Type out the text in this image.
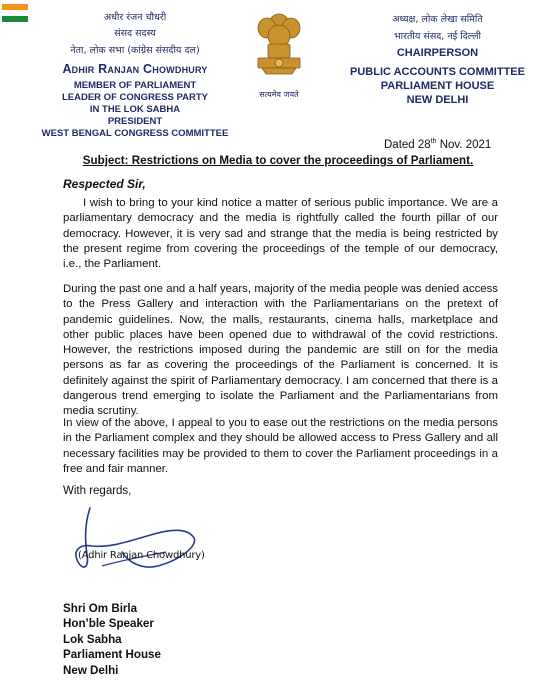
अधीर रंजन चौधरी
संसद सदस्य
नेता, लोक सभा (कांग्रेस संसदीय दल)
Adhir Ranjan Chowdhury
MEMBER OF PARLIAMENT
LEADER OF CONGRESS PARTY
IN THE LOK SABHA
PRESIDENT
WEST BENGAL CONGRESS COMMITTEE
सत्यमेव जयते
अध्यक्ष, लोक लेखा समिति
भारतीय संसद, नई दिल्ली
CHAIRPERSON
PUBLIC ACCOUNTS COMMITTEE
PARLIAMENT HOUSE
NEW DELHI
Dated 28th Nov. 2021
Subject: Restrictions on Media to cover the proceedings of Parliament.
Respected Sir,
I wish to bring to your kind notice a matter of serious public importance. We are a parliamentary democracy and the media is rightfully called the fourth pillar of our democracy. However, it is very sad and strange that the media is being restricted by the present regime from covering the proceedings of the temple of our democracy, i.e., the Parliament.
During the past one and a half years, majority of the media people was denied access to the Press Gallery and interaction with the Parliamentarians on the pretext of pandemic guidelines. Now, the malls, restaurants, cinema halls, marketplace and other public places have been opened due to withdrawal of the covid restrictions. However, the restrictions imposed during the pandemic are still on for the media persons as far as covering the proceedings of the Parliament is concerned. It is definitely against the spirit of Parliamentary democracy. I am concerned that there is a dangerous trend emerging to isolate the Parliament and the Parliamentarians from media scrutiny.
In view of the above, I appeal to you to ease out the restrictions on the media persons in the Parliament complex and they should be allowed access to Press Gallery and all necessary facilities may be provided to them to cover the Parliament proceedings in a free and fair manner.
With regards,
(Adhir Ranjan Chowdhury)
Shri Om Birla
Hon’ble Speaker
Lok Sabha
Parliament House
New Delhi
